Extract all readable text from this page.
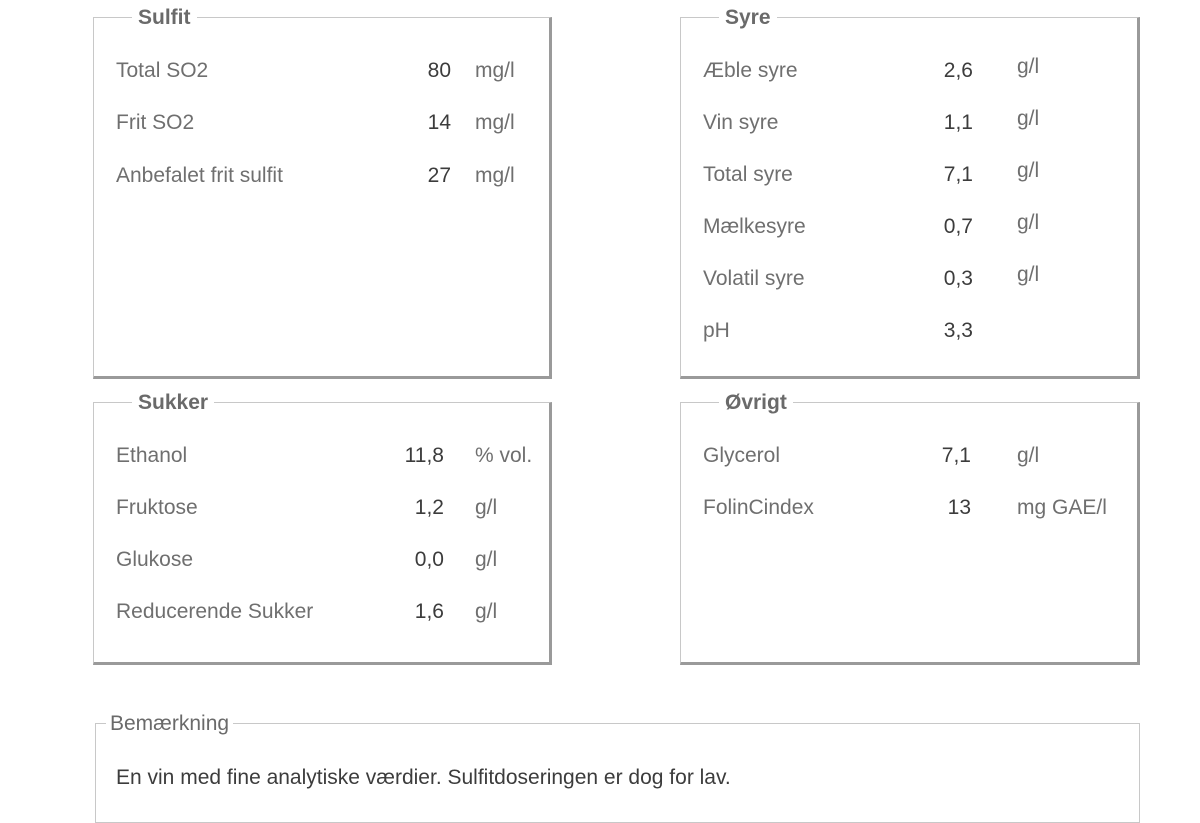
Sulfit
Total SO2	80 mg/l
Frit SO2	14 mg/l
Anbefalet frit sulfit	27 mg/l
Syre
Æble syre	2,6 g/l
Vin syre	1,1 g/l
Total syre	7,1 g/l
Mælkesyre	0,7 g/l
Volatil syre	0,3 g/l
pH	3,3
Sukker
Ethanol	11,8 % vol.
Fruktose	1,2 g/l
Glukose	0,0 g/l
Reducerende Sukker	1,6 g/l
Øvrigt
Glycerol	7,1 g/l
FolinCindex	13 mg GAE/l
Bemærkning
En vin med fine analytiske værdier. Sulfitdoseringen er dog for lav.
